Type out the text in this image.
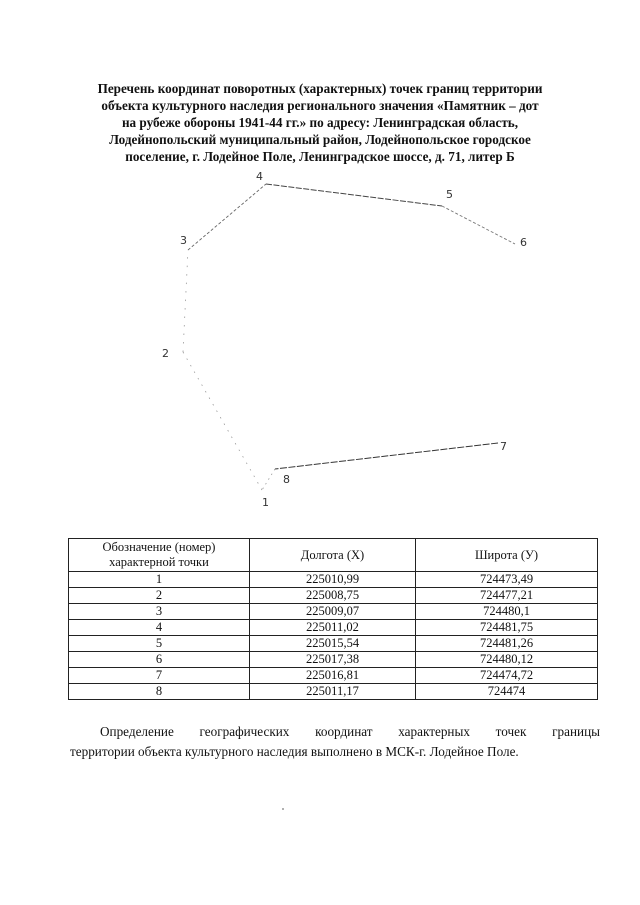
Перечень координат поворотных (характерных) точек границ территории
объекта культурного наследия регионального значения «Памятник – дот
на рубеже обороны 1941-44 гг.» по адресу: Ленинградская область,
Лодейнопольский муниципальный район, Лодейнопольское городское
поселение, г. Лодейное Поле, Ленинградское шоссе, д. 71, литер Б
1
2
3
4
5
6
7
8
Обозначение (номер) характерной точки	Долгота (X)	Широта (У)
1	225010,99	724473,49
2	225008,75	724477,21
3	225009,07	724480,1
4	225011,02	724481,75
5	225015,54	724481,26
6	225017,38	724480,12
7	225016,81	724474,72
8	225011,17	724474
Определение географических координат характерных точек границы
территории объекта культурного наследия выполнено в МСК-г. Лодейное Поле.
